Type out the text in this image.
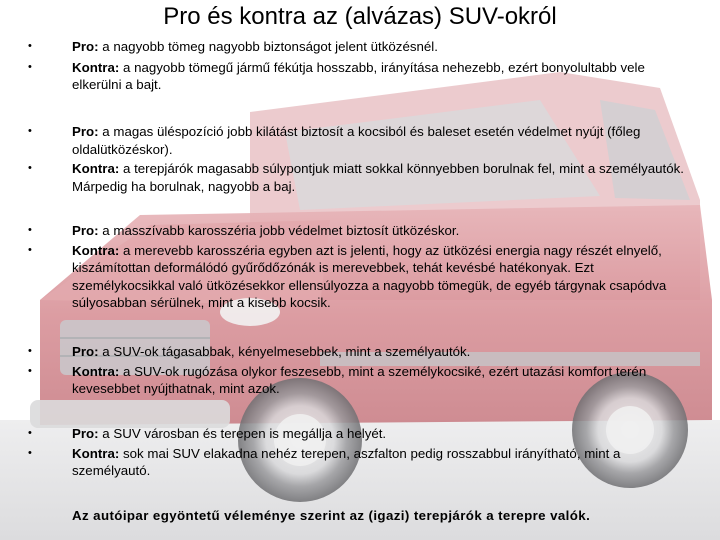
Pro és kontra az (alvázas) SUV-okról
•	Pro: a nagyobb tömeg nagyobb biztonságot jelent ütközésnél.
•	Kontra: a nagyobb tömegű jármű fékútja hosszabb, irányítása nehezebb, ezért bonyolultabb vele elkerülni a bajt.
•	Pro: a magas üléspozíció jobb kilátást biztosít a kocsiból és baleset esetén védelmet nyújt (főleg oldalütközéskor).
•	Kontra: a terepjárók magasabb súlypontjuk miatt sokkal könnyebben borulnak fel, mint a személyautók. Márpedig ha borulnak, nagyobb a baj.
•	Pro: a masszívabb karosszéria jobb védelmet biztosít ütközéskor.
•	Kontra: a merevebb karosszéria egyben azt is jelenti, hogy az ütközési energia nagy részét elnyelő, kiszámítottan deformálódó gyűrődőzónák is merevebbek, tehát kevésbé hatékonyak. Ezt személykocsikkal való ütközésekkor ellensúlyozza a nagyobb tömegük, de egyéb tárgynak csapódva súlyosabban sérülnek, mint a kisebb kocsik.
•	Pro: a SUV-ok tágasabbak, kényelmesebbek, mint a személyautók.
•	Kontra: a SUV-ok rugózása olykor feszesebb, mint a személykocsiké, ezért utazási komfort terén kevesebbet nyújthatnak, mint azok.
•	Pro: a SUV városban és terepen is megállja a helyét.
•	Kontra: sok mai SUV elakadna nehéz terepen, aszfalton pedig rosszabbul irányítható, mint a személyautó.
Az autóipar egyöntetű véleménye szerint az (igazi) terepjárók a terepre valók.
